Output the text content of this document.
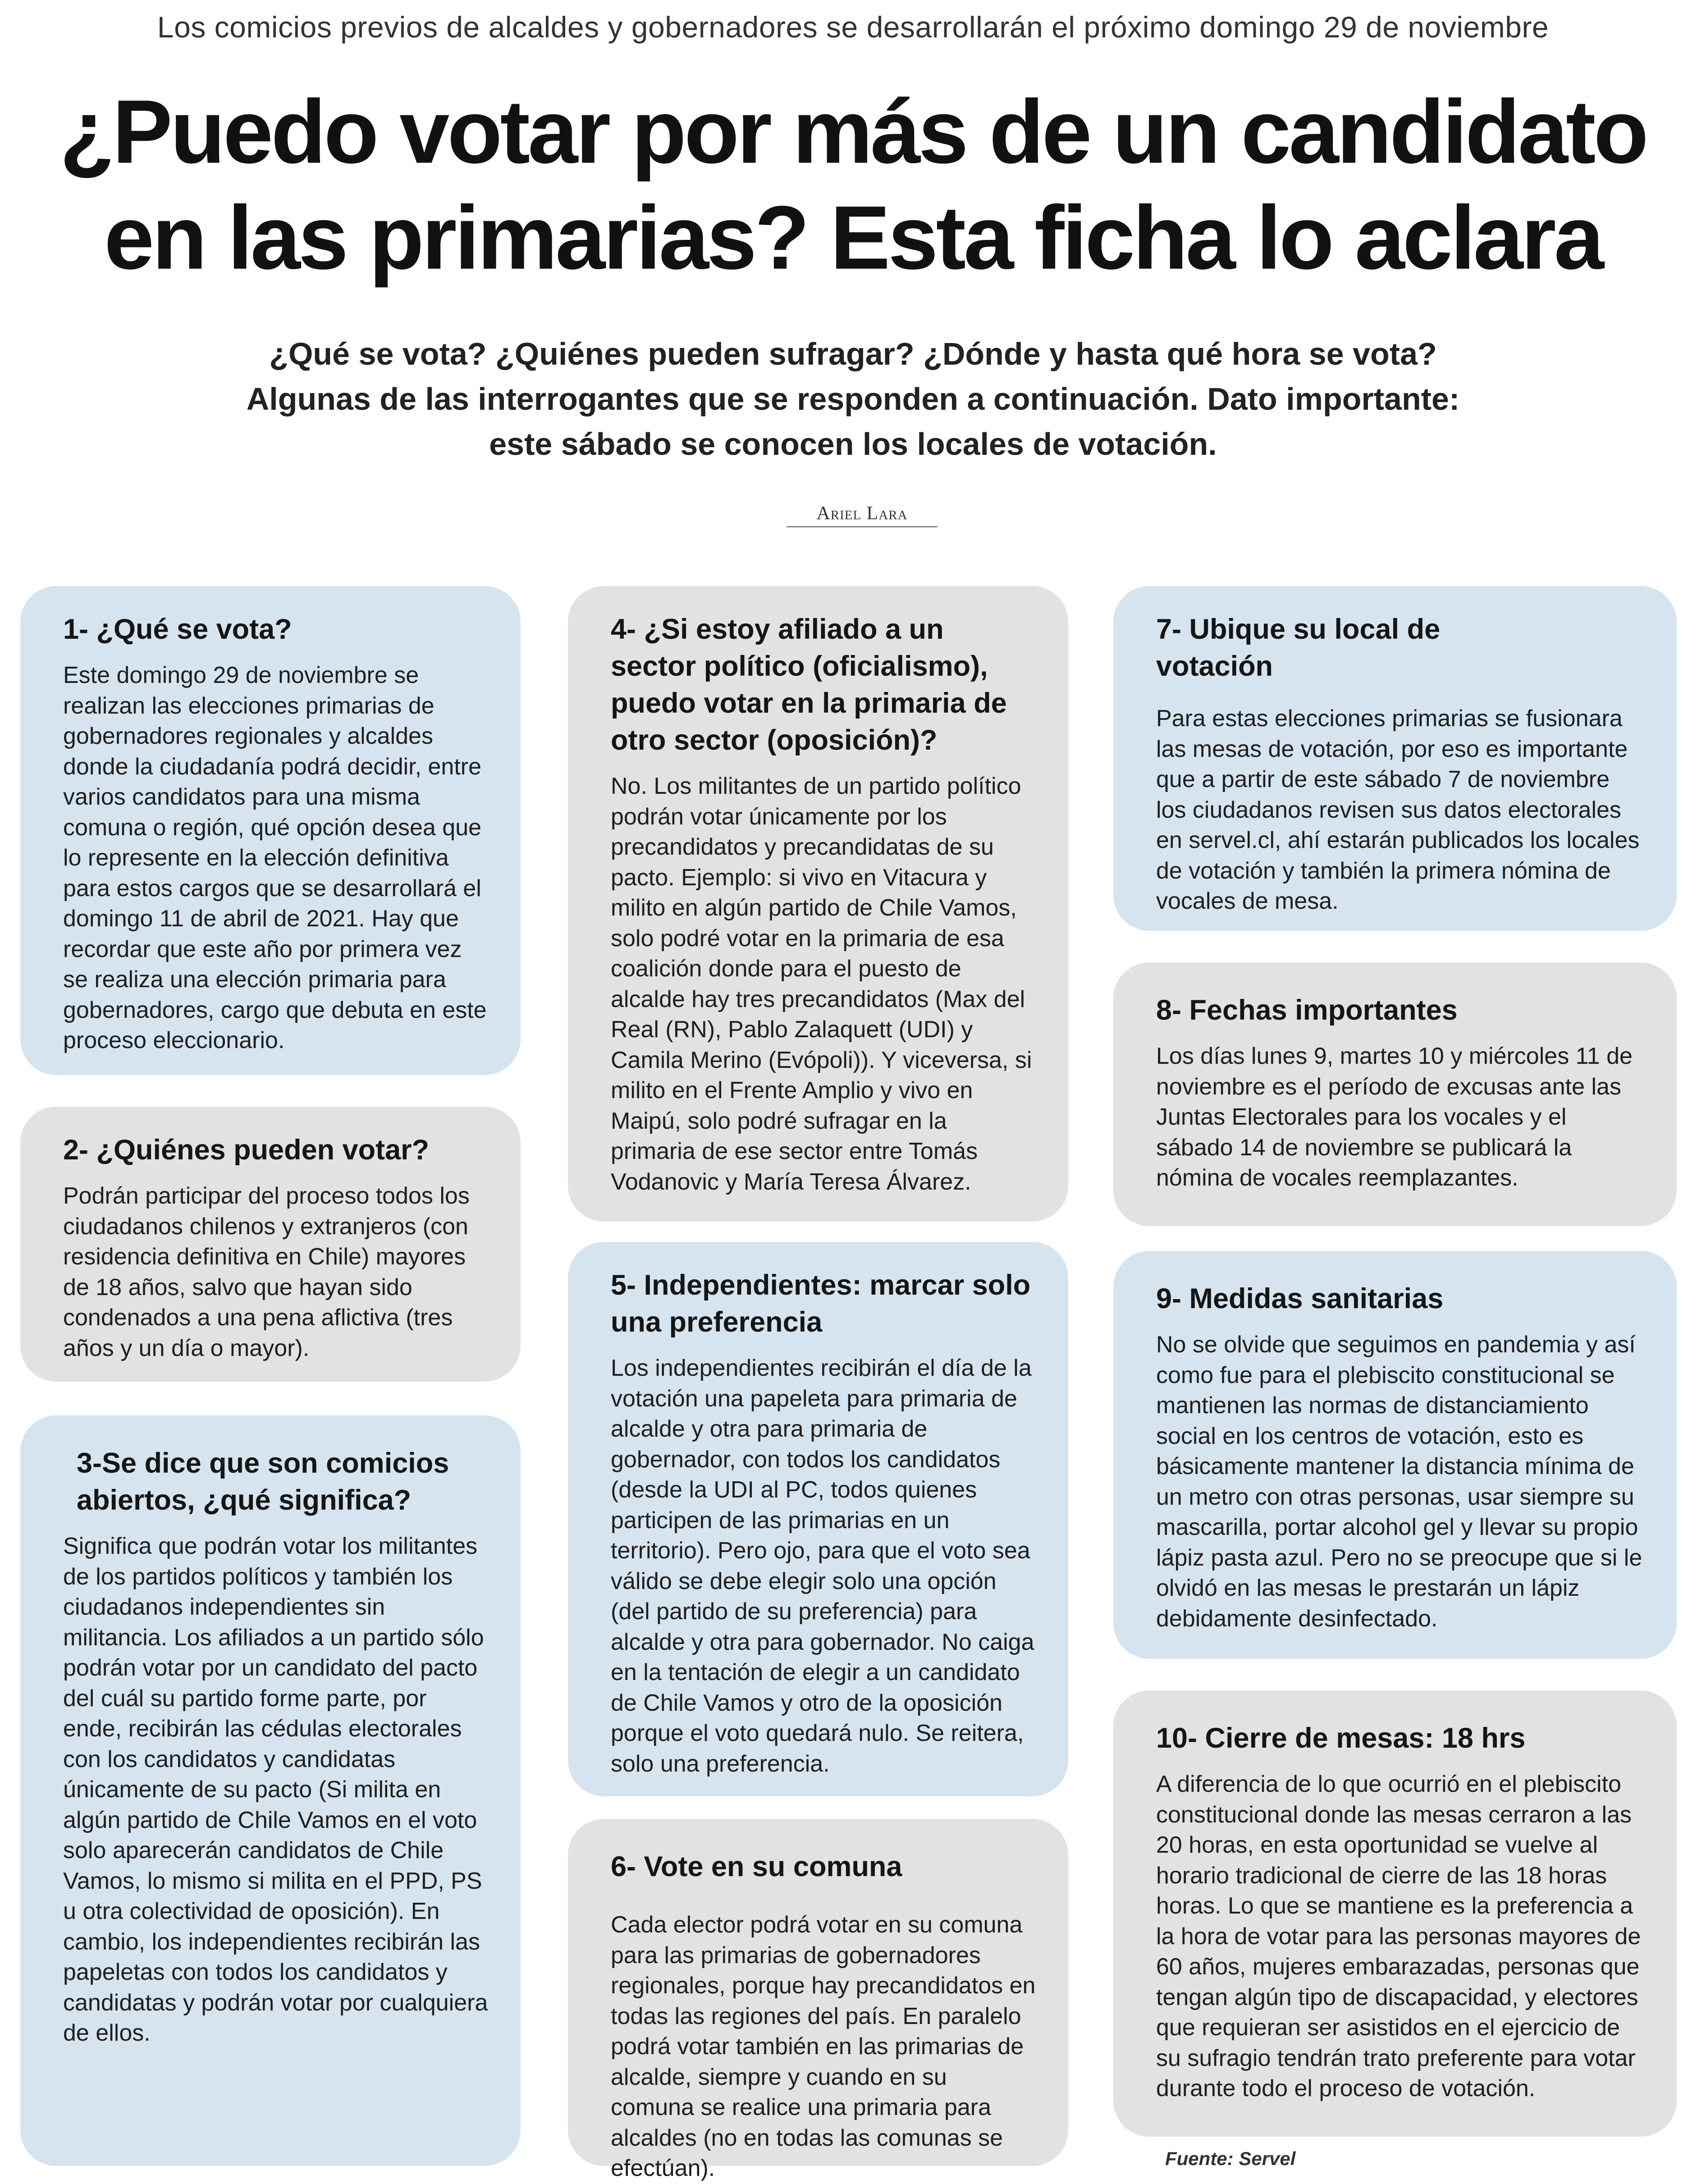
Los comicios previos de alcaldes y gobernadores se desarrollarán el próximo domingo 29 de noviembre
¿Puedo votar por más de un candidato
en las primarias? Esta ficha lo aclara
¿Qué se vota? ¿Quiénes pueden sufragar? ¿Dónde y hasta qué hora se vota?
Algunas de las interrogantes que se responden a continuación. Dato importante:
este sábado se conocen los locales de votación.
Ariel Lara
1- ¿Qué se vota?

Este domingo 29 de noviembre se realizan las elecciones primarias de gobernadores regionales y alcaldes donde la ciudadanía podrá decidir, entre varios candidatos para una misma comuna o región, qué opción desea que lo represente en la elección definitiva para estos cargos que se desarrollará el domingo 11 de abril de 2021. Hay que recordar que este año por primera vez se realiza una elección primaria para gobernadores, cargo que debuta en este proceso eleccionario.

2- ¿Quiénes pueden votar?

Podrán participar del proceso todos los ciudadanos chilenos y extranjeros (con residencia definitiva en Chile) mayores de 18 años, salvo que hayan sido condenados a una pena aflictiva (tres años y un día o mayor).

3-Se dice que son comicios abiertos, ¿qué significa?

Significa que podrán votar los militantes de los partidos políticos y también los ciudadanos independientes sin militancia. Los afiliados a un partido sólo podrán votar por un candidato del pacto del cuál su partido forme parte, por ende, recibirán las cédulas electorales con los candidatos y candidatas únicamente de su pacto (Si milita en algún partido de Chile Vamos en el voto solo aparecerán candidatos de Chile Vamos, lo mismo si milita en el PPD, PS u otra colectividad de oposición). En cambio, los independientes recibirán las papeletas con todos los candidatos y candidatas y podrán votar por cualquiera de ellos.

4- ¿Si estoy afiliado a un sector político (oficialismo), puedo votar en la primaria de otro sector (oposición)?

No. Los militantes de un partido político podrán votar únicamente por los precandidatos y precandidatas de su pacto. Ejemplo: si vivo en Vitacura y milito en algún partido de Chile Vamos, solo podré votar en la primaria de esa coalición donde para el puesto de alcalde hay tres precandidatos (Max del Real (RN), Pablo Zalaquett (UDI) y Camila Merino (Evópoli)). Y viceversa, si milito en el Frente Amplio y vivo en Maipú, solo podré sufragar en la primaria de ese sector entre Tomás Vodanovic y María Teresa Álvarez.

5- Independientes: marcar solo una preferencia

Los independientes recibirán el día de la votación una papeleta para primaria de alcalde y otra para primaria de gobernador, con todos los candidatos (desde la UDI al PC, todos quienes participen de las primarias en un territorio). Pero ojo, para que el voto sea válido se debe elegir solo una opción (del partido de su preferencia) para alcalde y otra para gobernador. No caiga en la tentación de elegir a un candidato de Chile Vamos y otro de la oposición porque el voto quedará nulo. Se reitera, solo una preferencia.

6- Vote en su comuna

Cada elector podrá votar en su comuna para las primarias de gobernadores regionales, porque hay precandidatos en todas las regiones del país. En paralelo podrá votar también en las primarias de alcalde, siempre y cuando en su comuna se realice una primaria para alcaldes (no en todas las comunas se efectúan).

7- Ubique su local de votación

Para estas elecciones primarias se fusionara las mesas de votación, por eso es importante que a partir de este sábado 7 de noviembre los ciudadanos revisen sus datos electorales en servel.cl, ahí estarán publicados los locales de votación y también la primera nómina de vocales de mesa.

8- Fechas importantes

Los días lunes 9, martes 10 y miércoles 11 de noviembre es el período de excusas ante las Juntas Electorales para los vocales y el sábado 14 de noviembre se publicará la nómina de vocales reemplazantes.

9- Medidas sanitarias

No se olvide que seguimos en pandemia y así como fue para el plebiscito constitucional se mantienen las normas de distanciamiento social en los centros de votación, esto es básicamente mantener la distancia mínima de un metro con otras personas, usar siempre su mascarilla, portar alcohol gel y llevar su propio lápiz pasta azul. Pero no se preocupe que si le olvidó en las mesas le prestarán un lápiz debidamente desinfectado.

10- Cierre de mesas: 18 hrs

A diferencia de lo que ocurrió en el plebiscito constitucional donde las mesas cerraron a las 20 horas, en esta oportunidad se vuelve al horario tradicional de cierre de las 18 horas horas. Lo que se mantiene es la preferencia a la hora de votar para las personas mayores de 60 años, mujeres embarazadas, personas que tengan algún tipo de discapacidad, y electores que requieran ser asistidos en el ejercicio de su sufragio tendrán trato preferente para votar durante todo el proceso de votación.

Fuente: Servel
